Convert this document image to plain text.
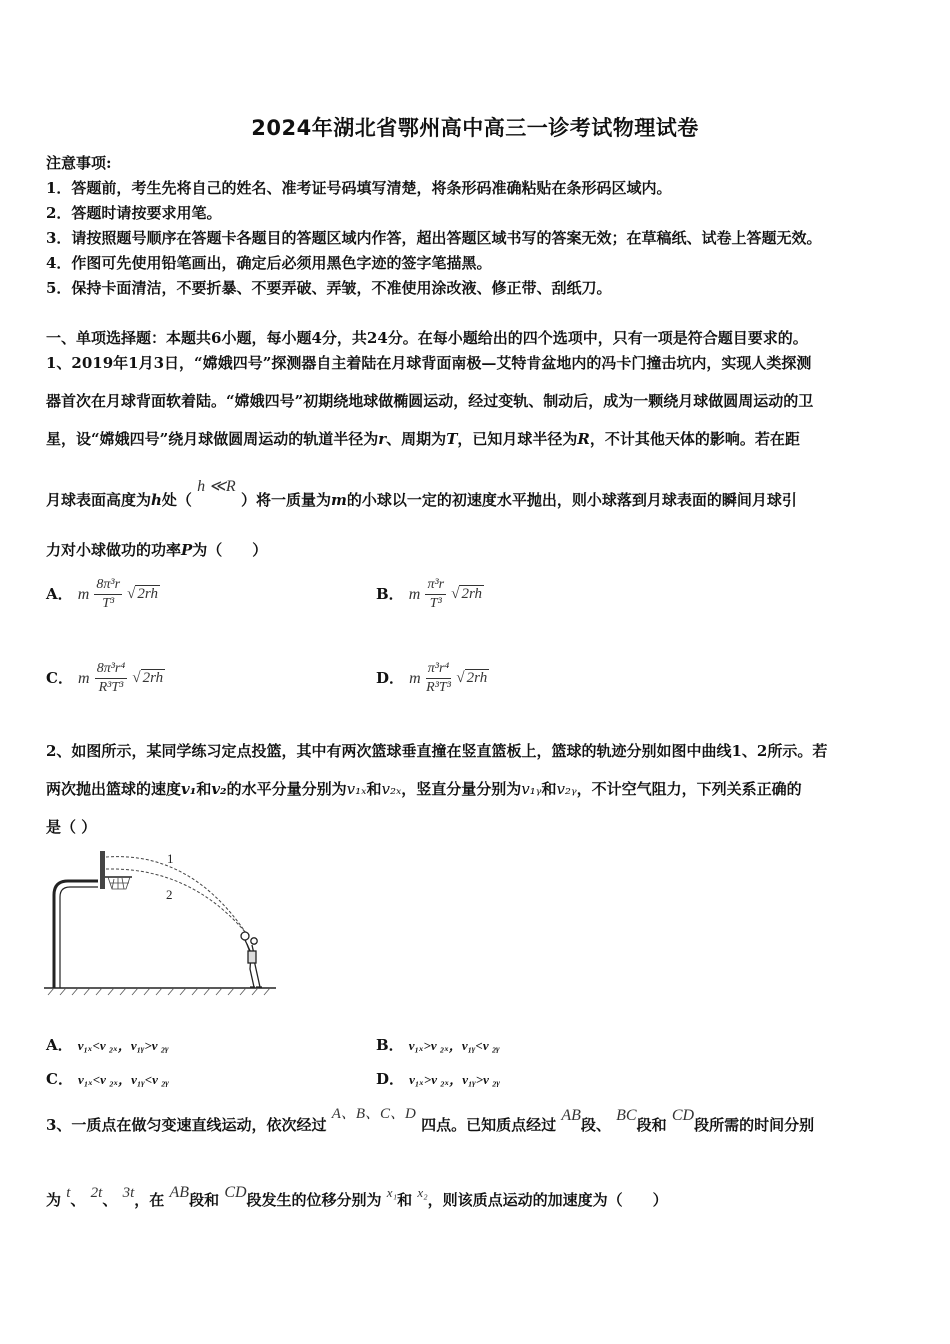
2024年湖北省鄂州高中高三一诊考试物理试卷
注意事项:
1．答题前，考生先将自己的姓名、准考证号码填写清楚，将条形码准确粘贴在条形码区域内。
2．答题时请按要求用笔。
3．请按照题号顺序在答题卡各题目的答题区域内作答，超出答题区域书写的答案无效；在草稿纸、试卷上答题无效。
4．作图可先使用铅笔画出，确定后必须用黑色字迹的签字笔描黑。
5．保持卡面清洁，不要折暴、不要弄破、弄皱，不准使用涂改液、修正带、刮纸刀。
一、单项选择题：本题共6小题，每小题4分，共24分。在每小题给出的四个选项中，只有一项是符合题目要求的。
1、2019年1月3日，“嫦娥四号”探测器自主着陆在月球背面南极—艾特肯盆地内的冯卡门撞击坑内，实现人类探测
器首次在月球背面软着陆。“嫦娥四号”初期绕地球做椭圆运动，经过变轨、制动后，成为一颗绕月球做圆周运动的卫
星，设“嫦娥四号”绕月球做圆周运动的轨道半径为r、周期为T，已知月球半径为R，不计其他天体的影响。若在距
月球表面高度为h处（ h ≪R ）将一质量为m的小球以一定的初速度水平抛出，则小球落到月球表面的瞬间月球引
力对小球做功的功率P为（　　）
A． m $\frac{\text{8π³r}}{\text{T³}}$ √ 2rh	B． m $\frac{\text{π³r}}{\text{T³}}$ √ 2rh
C． m $\frac{\text{8π³r⁴}}{\text{R³T³}}$ √ 2rh	D． m $\frac{\text{π³r⁴}}{\text{R³T³}}$ √ 2rh
2、如图所示，某同学练习定点投篮，其中有两次篮球垂直撞在竖直篮板上，篮球的轨迹分别如图中曲线1、2所示。若
两次抛出篮球的速度v₁和v₂的水平分量分别为v₁ₓ和v₂ₓ，竖直分量分别为v₁ᵧ和v₂ᵧ，不计空气阻力，下列关系正确的
是（ ）
1
2
A． v₁ₓ<v ₂ₓ，v₁ᵧ>v ₂ᵧ	B． v₁ₓ>v ₂ₓ，v₁ᵧ<v ₂ᵧ
C． v₁ₓ<v ₂ₓ，v₁ᵧ<v ₂ᵧ	D． v₁ₓ>v ₂ₓ，v₁ᵧ>v ₂ᵧ
3、一质点在做匀变速直线运动，依次经过 A、B、C、D 四点。已知质点经过 AB段、 BC段和 CD段所需的时间分别
为 t、 2t、 3t，在 AB段和 CD段发生的位移分别为 x₁和 x₂，则该质点运动的加速度为（　　）
